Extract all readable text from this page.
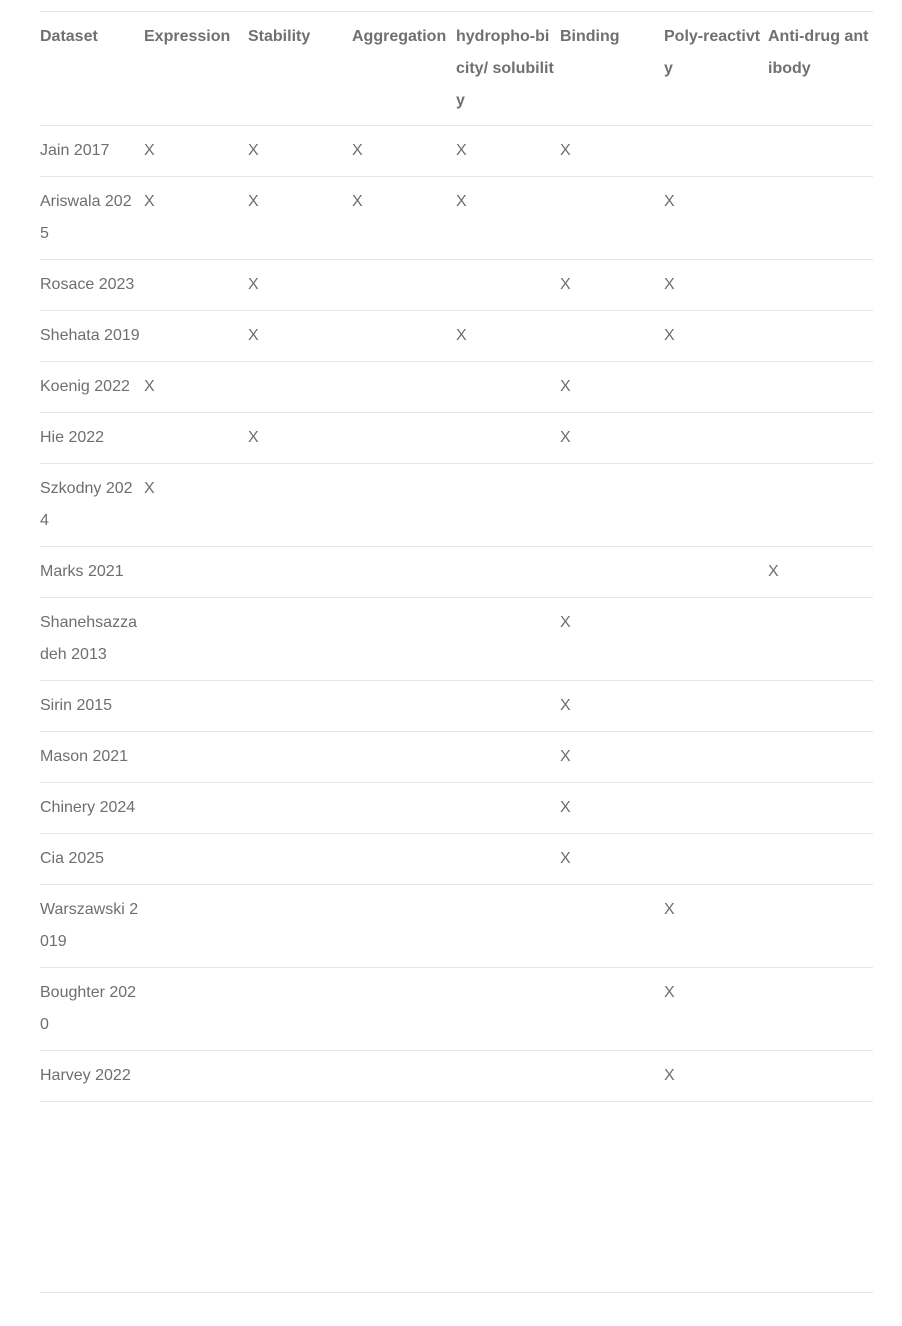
Dataset	Expression	Stability	Aggregation	hydropho-bicity/ solubility	Binding	Poly-reactivty	Anti-drug antibody
Jain 2017	X	X	X	X	X		
Ariswala 2025	X	X	X	X		X	
Rosace 2023		X			X	X	
Shehata 2019		X		X		X	
Koenig 2022	X				X		
Hie 2022		X			X		
Szkodny 2024	X						
Marks 2021							X
Shanehsazzadeh 2013					X		
Sirin 2015					X		
Mason 2021					X		
Chinery 2024					X		
Cia 2025					X		
Warszawski 2019						X	
Boughter 2020						X	
Harvey 2022						X	
